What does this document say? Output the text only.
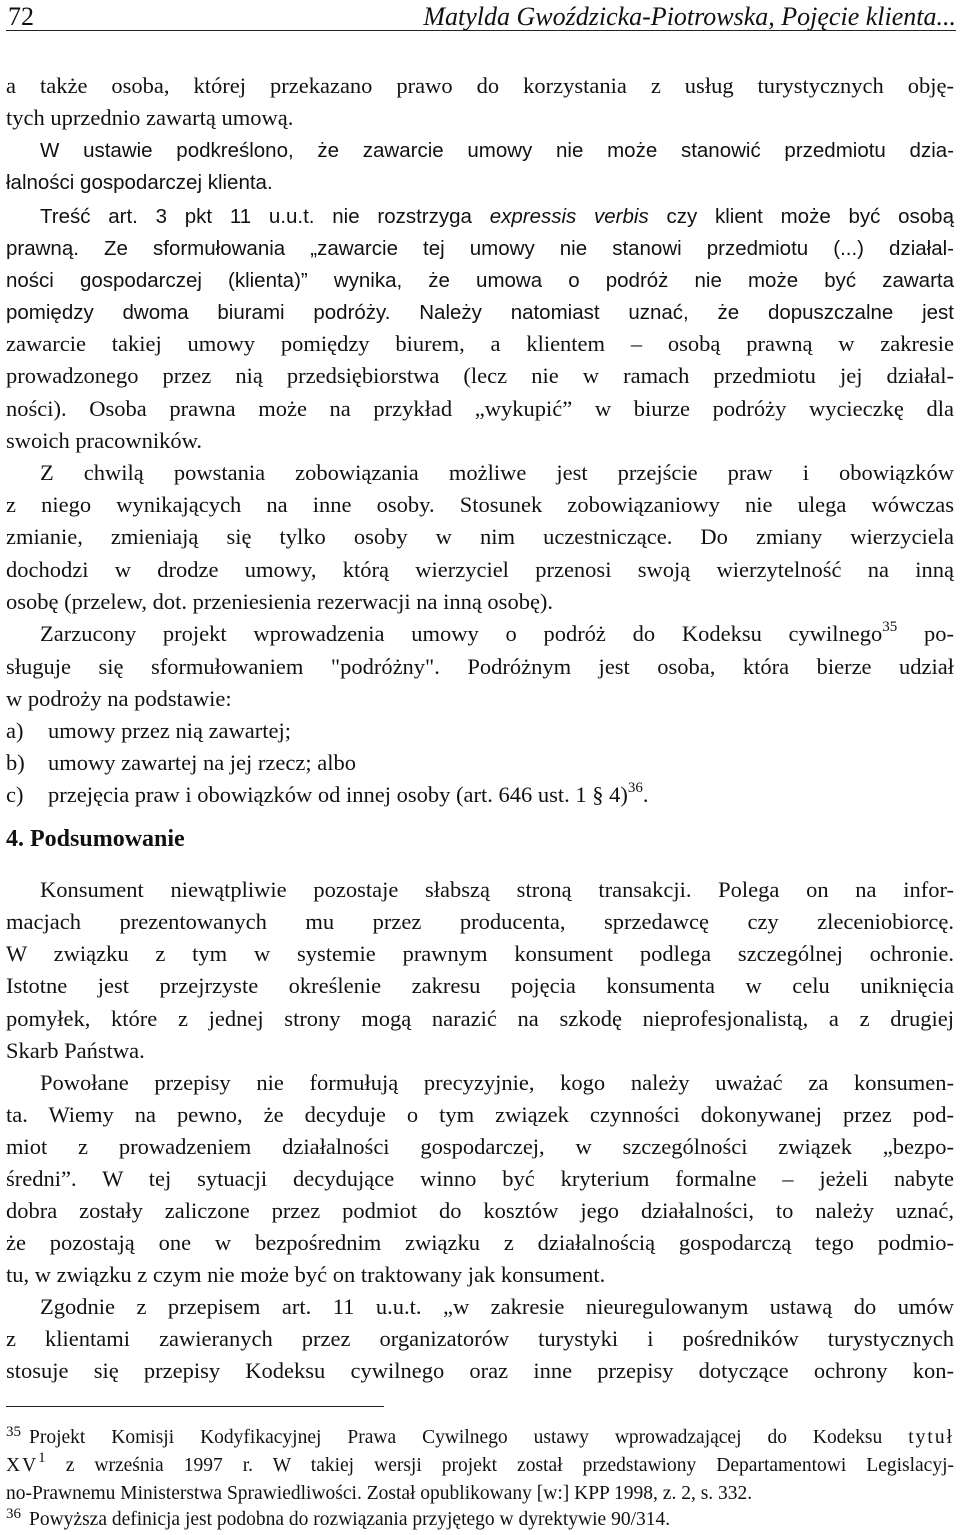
72	Matylda Gwoździcka-Piotrowska, Pojęcie klienta...
a także osoba, której przekazano prawo do korzystania z usług turystycznych obję-
tych uprzednio zawartą umową.
W ustawie podkreślono, że zawarcie umowy nie może stanowić przedmiotu dzia-
łalności gospodarczej klienta.
Treść art. 3 pkt 11 u.u.t. nie rozstrzyga expressis verbis czy klient może być osobą
prawną. Ze sformułowania „zawarcie tej umowy nie stanowi przedmiotu (...) działal-
ności gospodarczej (klienta)” wynika, że umowa o podróż nie może być zawarta
pomiędzy dwoma biurami podróży. Należy natomiast uznać, że dopuszczalne jest
zawarcie takiej umowy pomiędzy biurem, a klientem – osobą prawną w zakresie
prowadzonego przez nią przedsiębiorstwa (lecz nie w ramach przedmiotu jej działal-
ności). Osoba prawna może na przykład „wykupić” w biurze podróży wycieczkę dla
swoich pracowników.
Z chwilą powstania zobowiązania możliwe jest przejście praw i obowiązków
z niego wynikających na inne osoby. Stosunek zobowiązaniowy nie ulega wówczas
zmianie, zmieniają się tylko osoby w nim uczestniczące. Do zmiany wierzyciela
dochodzi w drodze umowy, którą wierzyciel przenosi swoją wierzytelność na inną
osobę (przelew, dot. przeniesienia rezerwacji na inną osobę).
Zarzucony projekt wprowadzenia umowy o podróż do Kodeksu cywilnego$^{35}$ po-
sługuje się sformułowaniem "podróżny". Podróżnym jest osoba, która bierze udział
w podroży na podstawie:
a) umowy przez nią zawartej;
b) umowy zawartej na jej rzecz; albo
c) przejęcia praw i obowiązków od innej osoby (art. 646 ust. 1 § 4)$^{36}$.
4. Podsumowanie
Konsument niewątpliwie pozostaje słabszą stroną transakcji. Polega on na infor-
macjach prezentowanych mu przez producenta, sprzedawcę czy zleceniobiorcę.
W związku z tym w systemie prawnym konsument podlega szczególnej ochronie.
Istotne jest przejrzyste określenie zakresu pojęcia konsumenta w celu uniknięcia
pomyłek, które z jednej strony mogą narazić na szkodę nieprofesjonalistą, a z drugiej
Skarb Państwa.
Powołane przepisy nie formułują precyzyjnie, kogo należy uważać za konsumen-
ta. Wiemy na pewno, że decyduje o tym związek czynności dokonywanej przez pod-
miot z prowadzeniem działalności gospodarczej, w szczególności związek „bezpo-
średni”. W tej sytuacji decydujące winno być kryterium formalne – jeżeli nabyte
dobra zostały zaliczone przez podmiot do kosztów jego działalności, to należy uznać,
że pozostają one w bezpośrednim związku z działalnością gospodarczą tego podmio-
tu, w związku z czym nie może być on traktowany jak konsument.
Zgodnie z przepisem art. 11 u.u.t. „w zakresie nieuregulowanym ustawą do umów
z klientami zawieranych przez organizatorów turystyki i pośredników turystycznych
stosuje się przepisy Kodeksu cywilnego oraz inne przepisy dotyczące ochrony kon-
$^{35}$ Projekt Komisji Kodyfikacyjnej Prawa Cywilnego ustawy wprowadzającej do Kodeksu tytuł
$XV^1$ z września 1997 r. W takiej wersji projekt został przedstawiony Departamentowi Legislacyj-
no-Prawnemu Ministerstwa Sprawiedliwości. Został opublikowany [w:] KPP 1998, z. 2, s. 332.
$^{36}$ Powyższa definicja jest podobna do rozwiązania przyjętego w dyrektywie 90/314.
